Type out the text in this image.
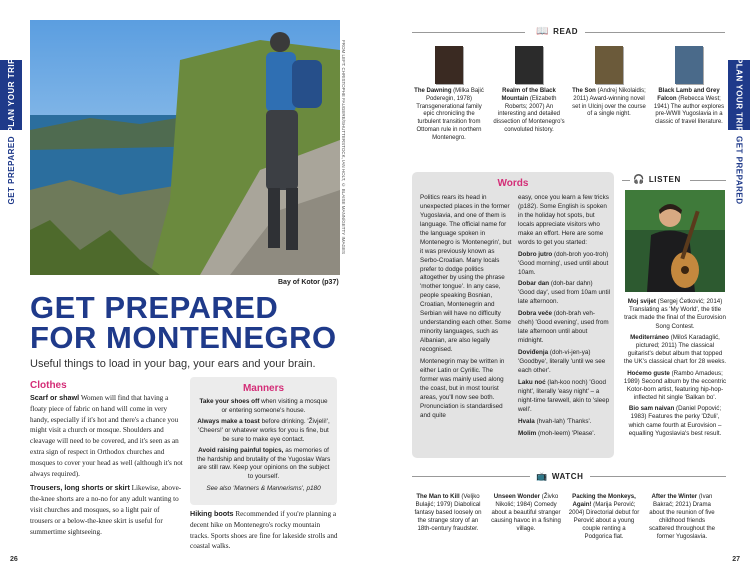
PLAN YOUR TRIP
GET PREPARED
PLAN YOUR TRIP
GET PREPARED
FROM LEFT: CHRISTOPHE FAUGERE/SHUTTERSTOCK, IAN HOLT, © BLAISE MANN/GETTY IMAGES
Bay of Kotor (p37)
GET PREPARED
FOR MONTENEGRO
Useful things to load in your bag, your ears and your brain.
Clothes

Scarf or shawl Women will find that having a floaty piece of fabric on hand will come in very handy, especially if it's hot and there's a chance you might visit a church or mosque. Shoulders and cleavage will need to be covered, and it's seen as an extra sign of respect in Orthodox churches and mosques to cover your head as well (although it's not always required).

Trousers, long shorts or skirt Likewise, above-the-knee shorts are a no-no for any adult wanting to visit churches and mosques, so a light pair of trousers or a below-the-knee skirt is useful for summertime sightseeing.

Hiking boots Recommended if you're planning a decent hike on Montenegro's rocky mountain tracks. Sports shoes are fine for lakeside strolls and coastal walks.

Manners

Take your shoes off when visiting a mosque or entering someone's house.

Always make a toast before drinking. 'Živjeli!', 'Cheers!' or whatever works for you is fine, but be sure to make eye contact.

Avoid raising painful topics, as memories of the hardship and brutality of the Yugoslav Wars are still raw. Keep your opinions on the subject to yourself.

See also 'Manners & Mannerisms', p180

26	27
📖 READ
The Dawning (Milka Bajić Poderegin, 1978) Transgenerational family epic chronicling the turbulent transition from Ottoman rule in northern Montenegro.
Realm of the Black Mountain (Elizabeth Roberts; 2007) An interesting and detailed dissection of Montenegro's convoluted history.
The Son (Andrej Nikolaidis; 2011) Award-winning novel set in Ulcinj over the course of a single night.
Black Lamb and Grey Falcon (Rebecca West; 1941) The author explores pre-WWII Yugoslavia in a classic of travel literature.
Words

Politics rears its head in unexpected places in the former Yugoslavia, and one of them is language. The official name for the language spoken in Montenegro is 'Montenegrin', but it was previously known as Serbo-Croatian. Many locals prefer to dodge politics altogether by using the phrase 'mother tongue'. In any case, people speaking Bosnian, Croatian, Montenegrin and Serbian will have no difficulty understanding each other. Some minority languages, such as Albanian, are also legally recognised.

Montenegrin may be written in either Latin or Cyrillic. The former was mainly used along the coast, but in most tourist areas, you'll now see both. Pronunciation is standardised and quite

easy, once you learn a few tricks (p182). Some English is spoken in the holiday hot spots, but locals appreciate visitors who make an effort. Here are some words to get you started:

Dobro jutro (doh-broh yoo-troh) 'Good morning', used until about 10am.

Dobar dan (doh-bar dahn) 'Good day', used from 10am until late afternoon.

Dobra veče (doh-brah veh-cheh) 'Good evening', used from late afternoon until about midnight.

Doviđenja (doh-vi-jen-ya) 'Goodbye', literally 'until we see each other'.

Laku noć (lah-koo noch) 'Good night', literally 'easy night' – a night-time farewell, akin to 'sleep well'.

Hvala (hvah-lah) 'Thanks'.

Molim (moh-leem) 'Please'.

🎧 LISTEN

Moj svijet (Sergej Ćetković; 2014) Translating as 'My World', the title track made the final of the Eurovision Song Contest.

Mediterráneo (Miloš Karadaglić, pictured; 2011) The classical guitarist's debut album that topped the UK's classical chart for 28 weeks.

Hoćemo guste (Rambo Amadeus; 1989) Second album by the eccentric Kotor-born artist, featuring hip-hop-inflected hit single 'Balkan bo'.

Bio sam naivan (Daniel Popović; 1983) Features the perky 'Džuli', which came fourth at Eurovision – equalling Yugoslavia's best result.

📺 WATCH
The Man to Kill (Veljko Bulajić; 1979) Diabolical fantasy based loosely on the strange story of an 18th-century fraudster.
Unseen Wonder (Živko Nikolić; 1984) Comedy about a beautiful stranger causing havoc in a fishing village.
Packing the Monkeys, Again! (Marija Perović; 2004) Directorial debut for Perović about a young couple renting a Podgorica flat.
After the Winter (Ivan Bakrač; 2021) Drama about the reunion of five childhood friends scattered throughout the former Yugoslavia.
